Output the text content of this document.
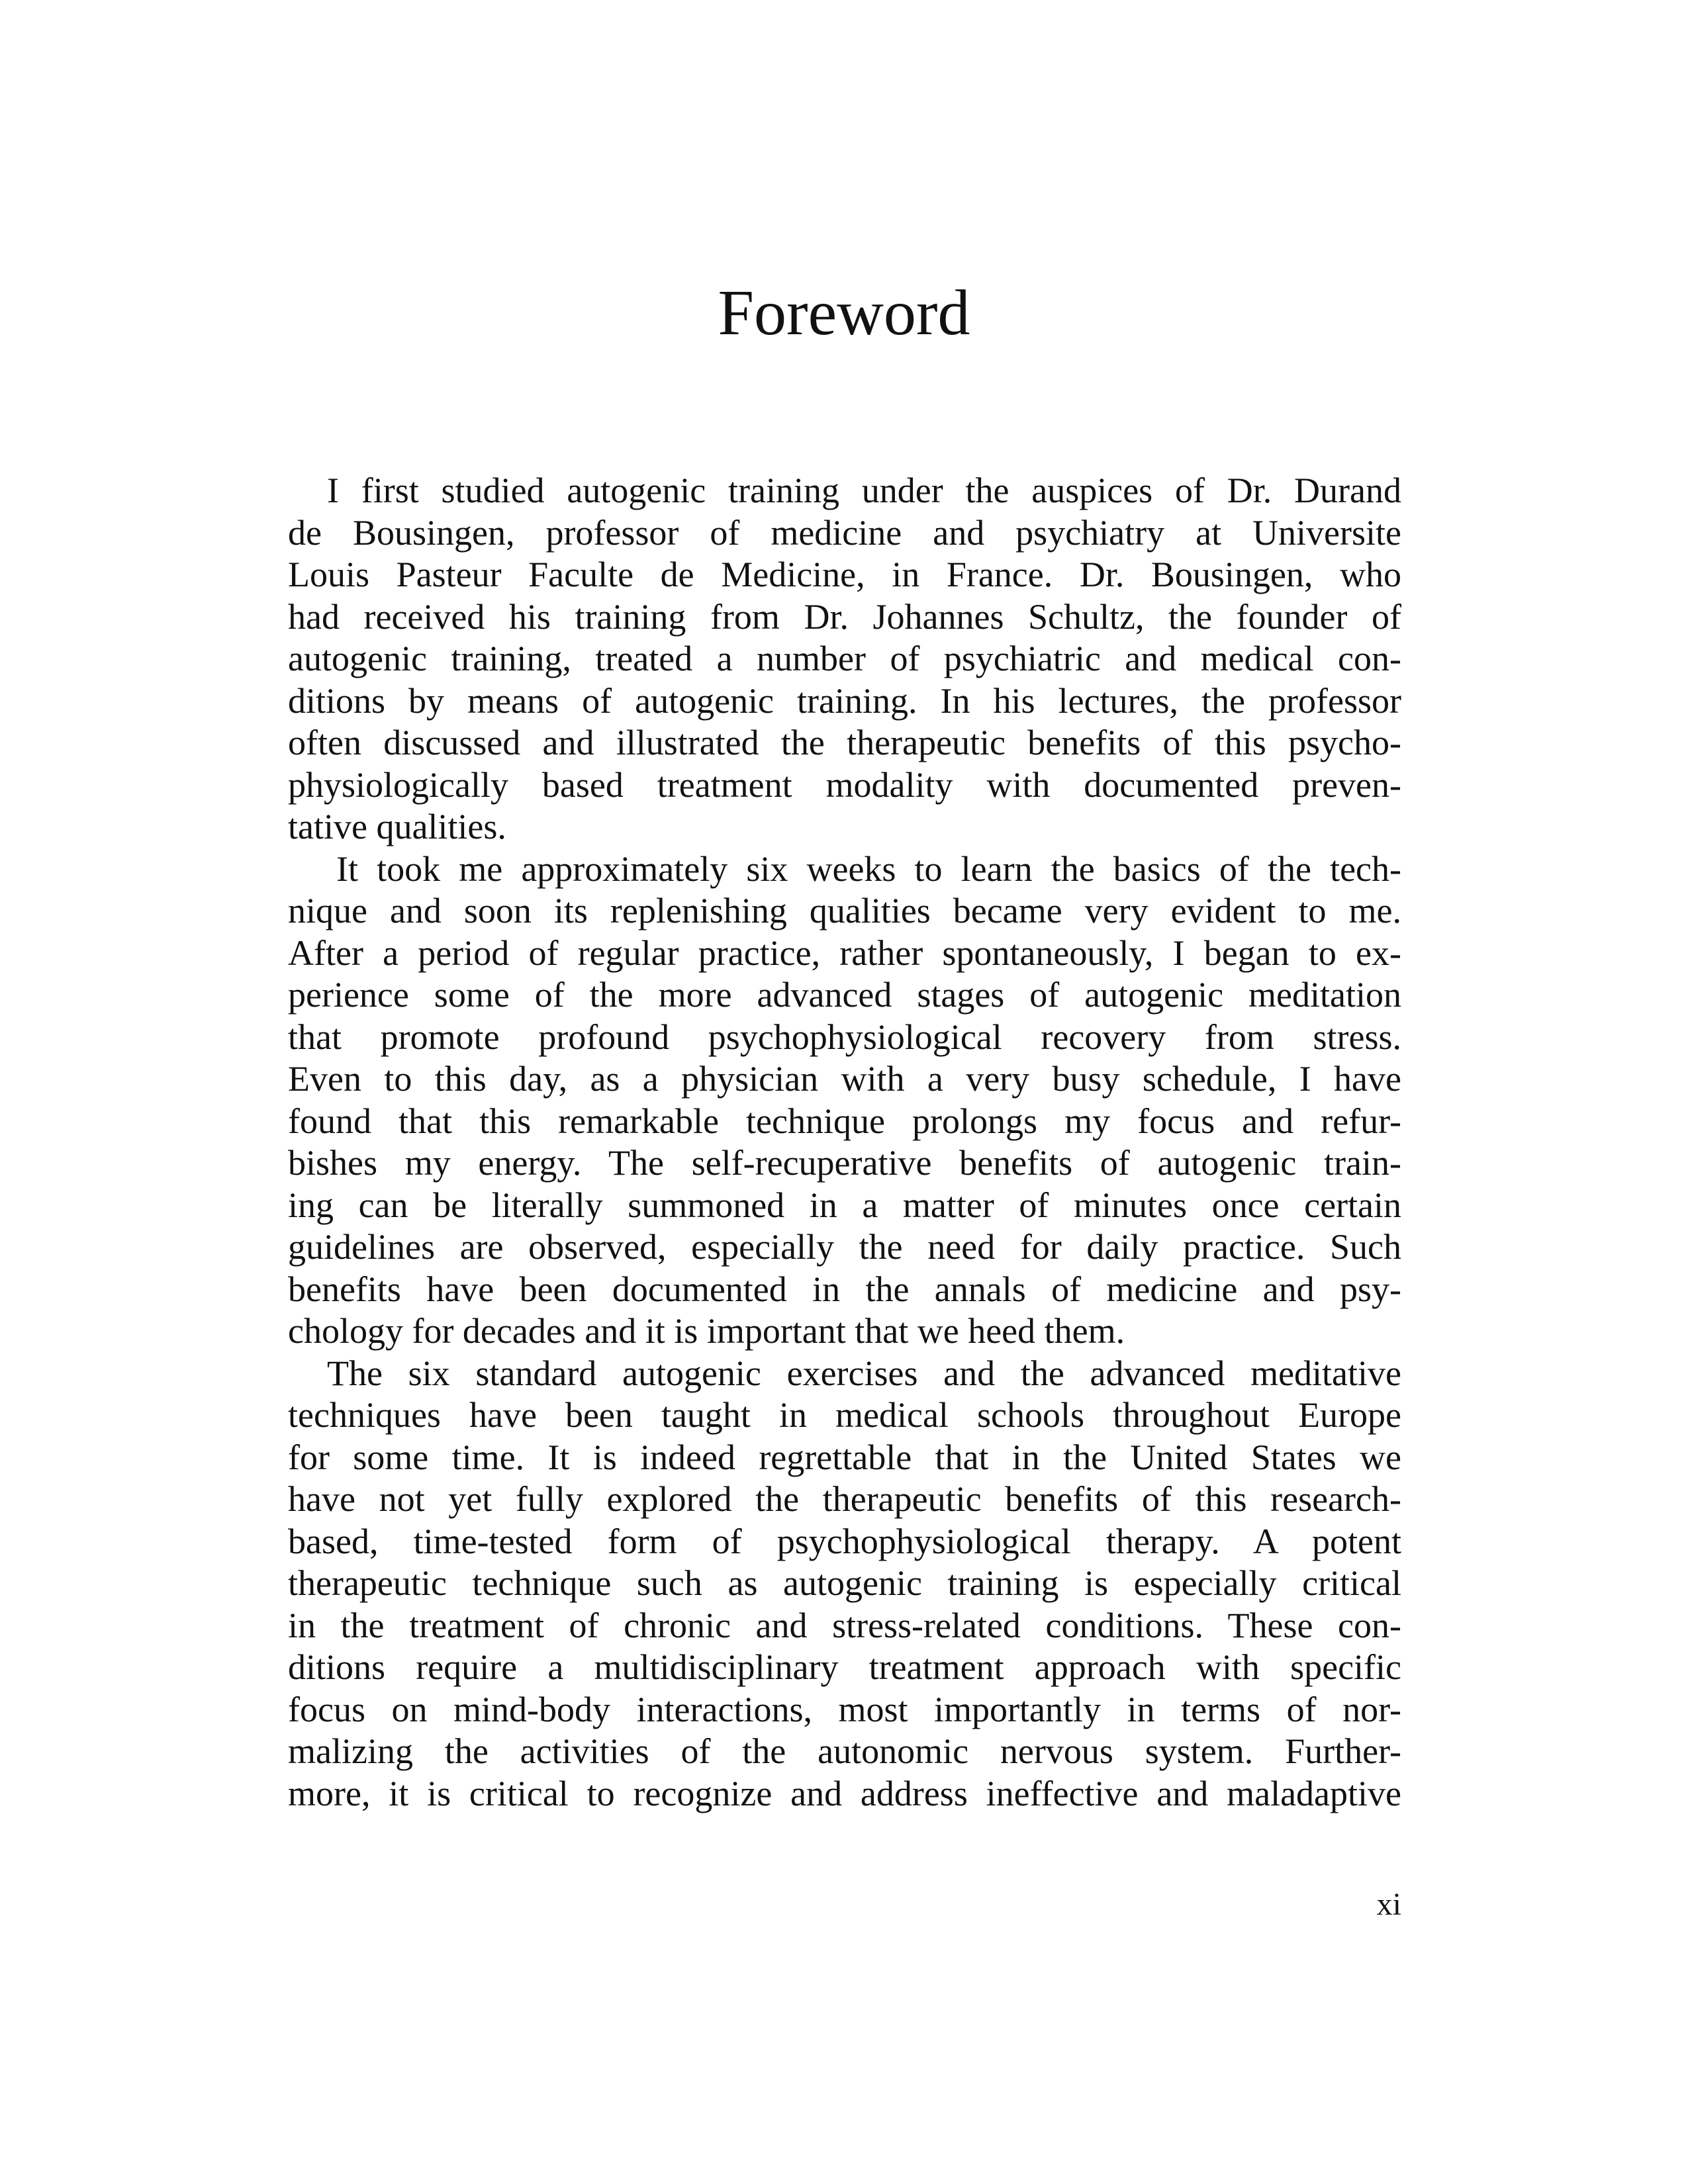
Foreword
I first studied autogenic training under the auspices of Dr. Durand
de Bousingen, professor of medicine and psychiatry at Universite
Louis Pasteur Faculte de Medicine, in France. Dr. Bousingen, who
had received his training from Dr. Johannes Schultz, the founder of
autogenic training, treated a number of psychiatric and medical con-
ditions by means of autogenic training. In his lectures, the professor
often discussed and illustrated the therapeutic benefits of this psycho-
physiologically based treatment modality with documented preven-
tative qualities.
It took me approximately six weeks to learn the basics of the tech-
nique and soon its replenishing qualities became very evident to me.
After a period of regular practice, rather spontaneously, I began to ex-
perience some of the more advanced stages of autogenic meditation
that promote profound psychophysiological recovery from stress.
Even to this day, as a physician with a very busy schedule, I have
found that this remarkable technique prolongs my focus and refur-
bishes my energy. The self-recuperative benefits of autogenic train-
ing can be literally summoned in a matter of minutes once certain
guidelines are observed, especially the need for daily practice. Such
benefits have been documented in the annals of medicine and psy-
chology for decades and it is important that we heed them.
The six standard autogenic exercises and the advanced meditative
techniques have been taught in medical schools throughout Europe
for some time. It is indeed regrettable that in the United States we
have not yet fully explored the therapeutic benefits of this research-
based, time-tested form of psychophysiological therapy. A potent
therapeutic technique such as autogenic training is especially critical
in the treatment of chronic and stress-related conditions. These con-
ditions require a multidisciplinary treatment approach with specific
focus on mind-body interactions, most importantly in terms of nor-
malizing the activities of the autonomic nervous system. Further-
more, it is critical to recognize and address ineffective and maladaptive
xi
